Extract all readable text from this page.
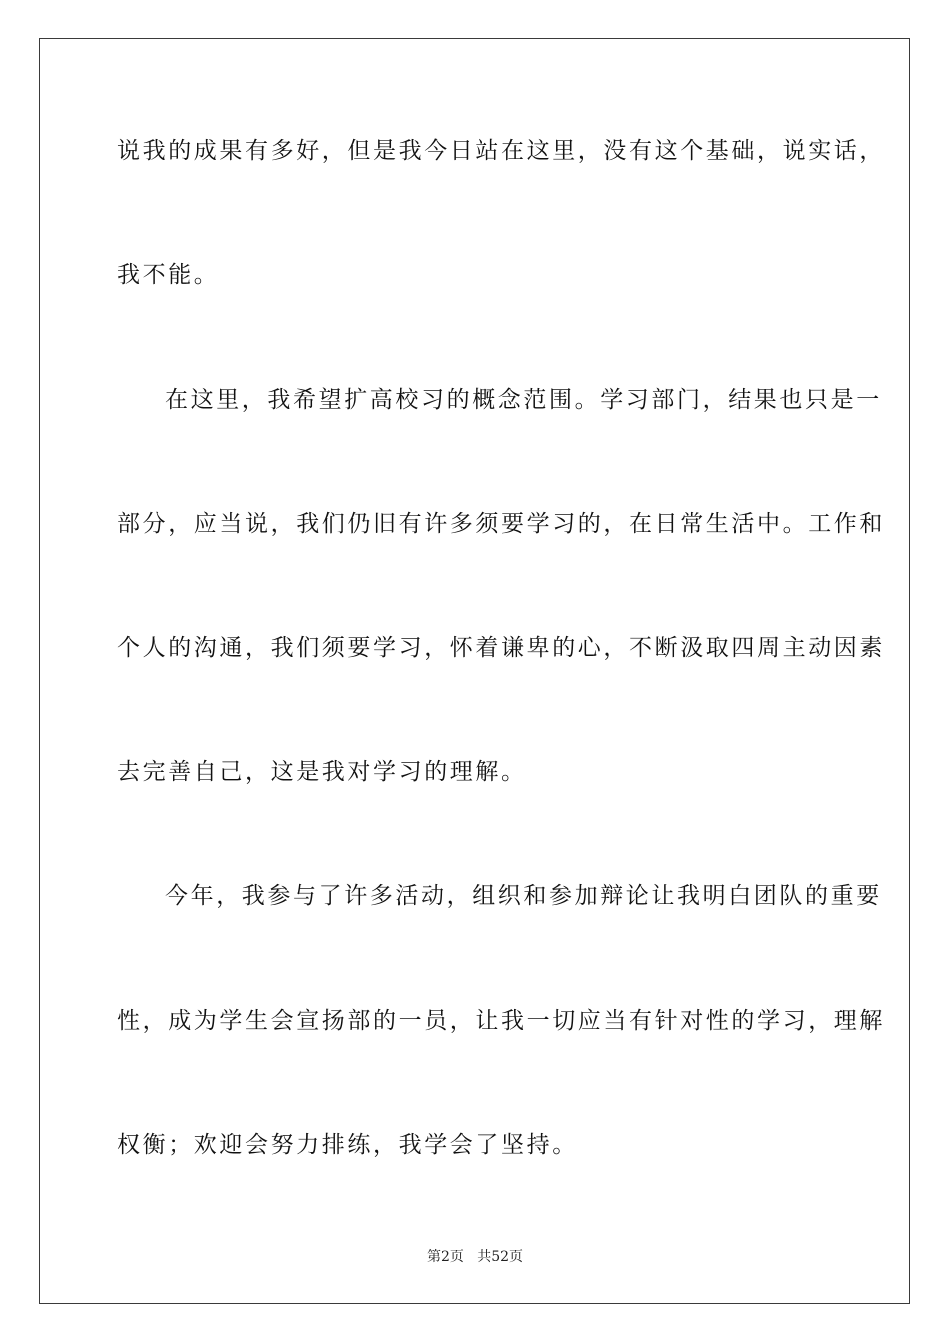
说我的成果有多好，但是我今日站在这里，没有这个基础，说实话，
我不能。
在这里，我希望扩高校习的概念范围。学习部门，结果也只是一
部分，应当说，我们仍旧有许多须要学习的，在日常生活中。工作和
个人的沟通，我们须要学习，怀着谦卑的心，不断汲取四周主动因素
去完善自己，这是我对学习的理解。
今年，我参与了许多活动，组织和参加辩论让我明白团队的重要
性，成为学生会宣扬部的一员，让我一切应当有针对性的学习，理解
权衡；欢迎会努力排练，我学会了坚持。
第2页   共52页
